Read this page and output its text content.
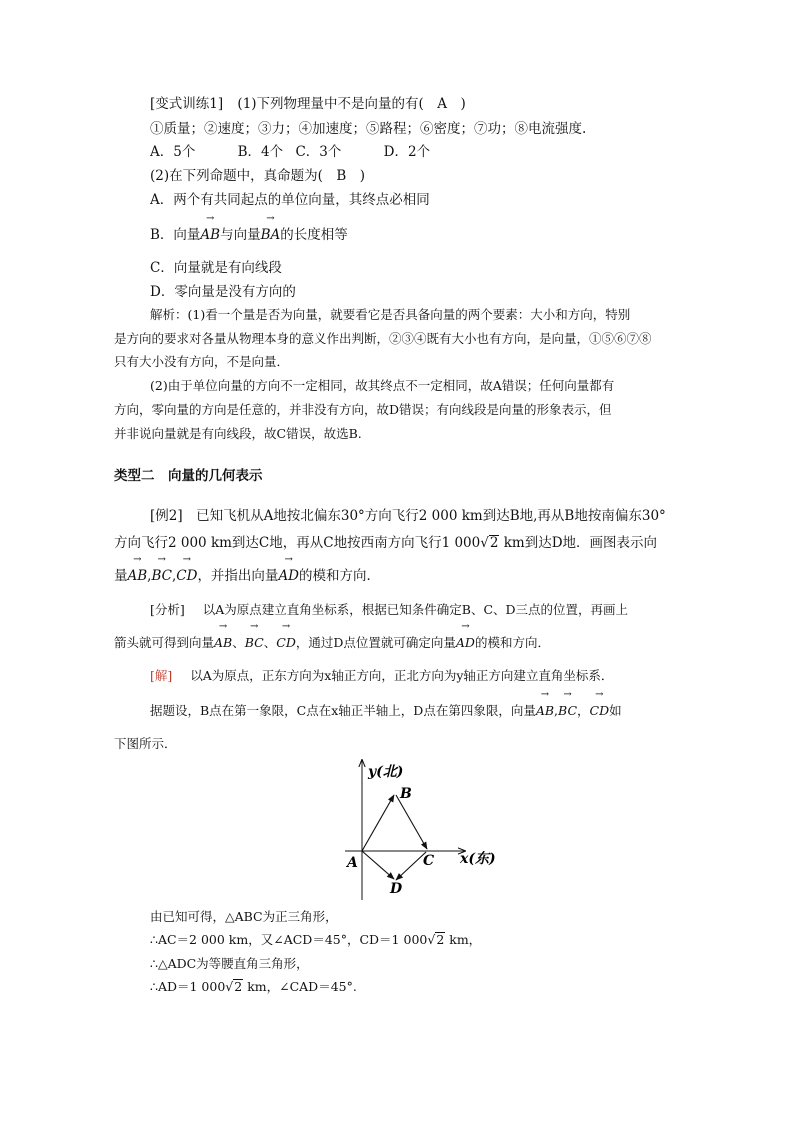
[变式训练1] (1)下列物理量中不是向量的有(　A　)
①质量；②速度；③力；④加速度；⑤路程；⑥密度；⑦功；⑧电流强度.
A．5个	B．4个 C．3个	D．2个
(2)在下列命题中，真命题为(　B　)
A．两个有共同起点的单位向量，其终点必相同
B．向量→ AB与向量→ BA的长度相等
C．向量就是有向线段
D．零向量是没有方向的
解析：(1)看一个量是否为向量，就要看它是否具备向量的两个要素：大小和方向，特别
是方向的要求对各量从物理本身的意义作出判断，②③④既有大小也有方向，是向量，①⑤⑥⑦⑧
只有大小没有方向，不是向量．
(2)由于单位向量的方向不一定相同，故其终点不一定相同，故A错误；任何向量都有
方向，零向量的方向是任意的，并非没有方向，故D错误；有向线段是向量的形象表示，但
并非说向量就是有向线段，故C错误，故选B.
类型二　向量的几何表示
[例2]　已知飞机从A地按北偏东30°方向飞行2 000 km到达B地,再从B地按南偏东30°
方向飞行2 000 km到达C地，再从C地按西南方向飞行1 000√2 km到达D地．画图表示向
量→ AB,→ BC,→ CD，并指出向量→ AD的模和方向．
[分析] 以A为原点建立直角坐标系，根据已知条件确定B、C、D三点的位置，再画上
箭头就可得到向量→ AB、→ BC、→ CD，通过D点位置就可确定向量→ AD的模和方向．
[解] 以A为原点，正东方向为x轴正方向，正北方向为y轴正方向建立直角坐标系．
据题设，B点在第一象限，C点在x轴正半轴上，D点在第四象限，向量→ AB,→ BC，→ CD如
下图所示．
y(北)
x(东)
A
B
C
D
由已知可得，△ABC为正三角形，
∴AC＝2 000 km，又∠ACD＝45°，CD＝1 000√2 km，
∴△ADC为等腰直角三角形，
∴AD＝1 000√2 km，∠CAD＝45°.
